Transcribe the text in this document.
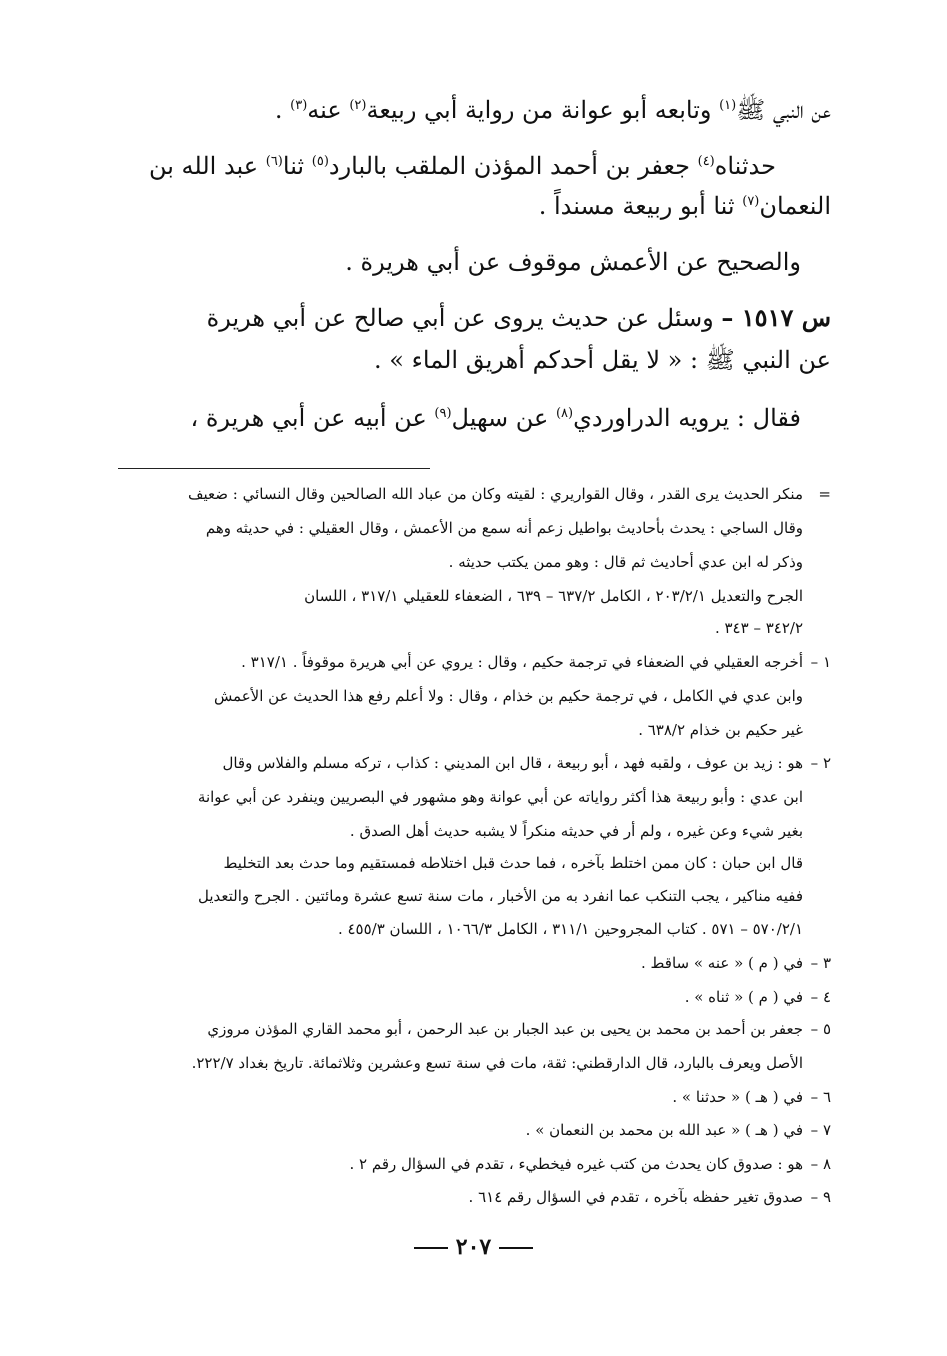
عن النبي ﷺ$^{(١)}$ وتابعه أبو عوانة من رواية أبي ربيعة$^{(٢)}$ عنه$^{(٣)}$ .
حدثناه$^{(٤)}$ جعفر بن أحمد المؤذن الملقب بالبارد$^{(٥)}$ ثنا$^{(٦)}$ عبد الله بن
النعمان$^{(٧)}$ ثنا أبو ربيعة مسنداً .
والصحيح عن الأعمش موقوف عن أبي هريرة .
س ١٥١٧ – وسئل عن حديث يروى عن أبي صالح عن أبي هريرة
عن النبي ﷺ : « لا يقل أحدكم أهريق الماء » .
فقال : يرويه الدراوردي$^{(٨)}$ عن سهيل$^{(٩)}$ عن أبيه عن أبي هريرة ،
=منكر الحديث يرى القدر ، وقال القواريري : لقيته وكان من عباد الله الصالحين وقال النسائي : ضعيف
وقال الساجي : يحدث بأحاديث بواطيل زعم أنه سمع من الأعمش ، وقال العقيلي : في حديثه وهم
وذكر له ابن عدي أحاديث ثم قال : وهو ممن يكتب حديثه .
الجرح والتعديل ٢٠٣/٢/١ ، الكامل ٦٣٧/٢ – ٦٣٩ ، الضعفاء للعقيلي ٣١٧/١ ، اللسان
٣٤٢/٢ – ٣٤٣ .
١ –أخرجه العقيلي في الضعفاء في ترجمة حكيم ، وقال : يروي عن أبي هريرة موقوفاً . ٣١٧/١ .
وابن عدي في الكامل ، في ترجمة حكيم بن خذام ، وقال : ولا أعلم رفع هذا الحديث عن الأعمش
غير حكيم بن خذام ٦٣٨/٢ .
٢ –هو : زيد بن عوف ، ولقبه فهد ، أبو ربيعة ، قال ابن المديني : كذاب ، تركه مسلم والفلاس وقال
ابن عدي : وأبو ربيعة هذا أكثر رواياته عن أبي عوانة وهو مشهور في البصريين وينفرد عن أبي عوانة
بغير شيء وعن غيره ، ولم أر في حديثه منكراً لا يشبه حديث أهل الصدق .
قال ابن حبان : كان ممن اختلط بآخره ، فما حدث قبل اختلاطه فمستقيم وما حدث بعد التخليط
ففيه مناكير ، يجب التنكب عما انفرد به من الأخبار ، مات سنة تسع عشرة ومائتين . الجرح والتعديل
٥٧٠/٢/١ – ٥٧١ . كتاب المجروحين ٣١١/١ ، الكامل ١٠٦٦/٣ ، اللسان ٤٥٥/٣ .
٣ –في ( م ) « عنه » ساقط .
٤ –في ( م ) « ثناه » .
٥ –جعفر بن أحمد بن محمد بن يحيى بن عبد الجبار بن عبد الرحمن ، أبو محمد القاري المؤذن مروزي
الأصل ويعرف بالبارد، قال الدارقطني: ثقة، مات في سنة تسع وعشرين وثلاثمائة. تاريخ بغداد ٢٢٢/٧.
٦ –في ( هـ ) « حدثنا » .
٧ –في ( هـ ) « عبد الله بن محمد بن النعمان » .
٨ –هو : صدوق كان يحدث من كتب غيره فيخطيء ، تقدم في السؤال رقم ٢ .
٩ –صدوق تغير حفظه بآخره ، تقدم في السؤال رقم ٦١٤ .
٢٠٧
